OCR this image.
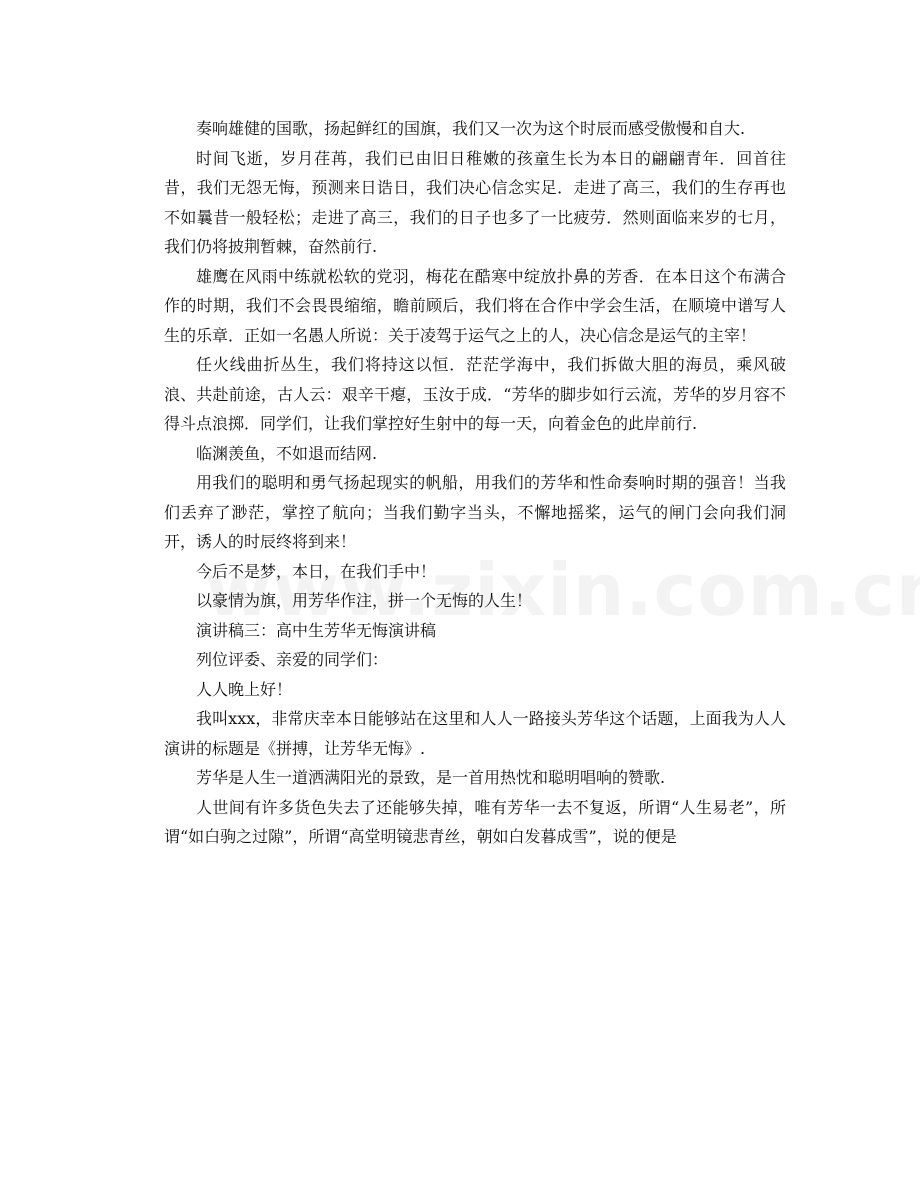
奏响雄健的国歌，扬起鲜红的国旗，我们又一次为这个时辰而感受傲慢和自大.

时间飞逝，岁月荏苒，我们已由旧日稚嫩的孩童生长为本日的翩翩青年．回首往昔，我们无怨无悔，预测来日诰日，我们决心信念实足．走进了高三，我们的生存再也不如曩昔一般轻松；走进了高三，我们的日子也多了一比疲劳．然则面临来岁的七月，我们仍将披荆暂棘，奋然前行.

雄鹰在风雨中练就松软的党羽，梅花在酷寒中绽放扑鼻的芳香．在本日这个布满合作的时期，我们不会畏畏缩缩，瞻前顾后，我们将在合作中学会生活，在顺境中谱写人生的乐章．正如一名愚人所说：关于凌驾于运气之上的人，决心信念是运气的主宰！

任火线曲折丛生，我们将持这以恒．茫茫学海中，我们拆做大胆的海员，乘风破浪、共赴前途，古人云：艰辛干瘪，玉汝于成．“芳华的脚步如行云流，芳华的岁月容不得斗点浪掷．同学们，让我们掌控好生射中的每一天，向着金色的此岸前行.

临渊羡鱼，不如退而结网.

用我们的聪明和勇气扬起现实的帆船，用我们的芳华和性命奏响时期的强音！当我们丢弃了渺茫，掌控了航向；当我们勤字当头，不懈地摇桨，运气的闸门会向我们洞开，诱人的时辰终将到来！

今后不是梦，本日，在我们手中！

以豪情为旗，用芳华作注，拼一个无悔的人生！

演讲稿三：高中生芳华无悔演讲稿

列位评委、亲爱的同学们：

人人晚上好！

我叫xxx，非常庆幸本日能够站在这里和人人一路接头芳华这个话题，上面我为人人演讲的标题是《拼搏，让芳华无悔》.

芳华是人生一道洒满阳光的景致，是一首用热忱和聪明唱响的赞歌.

人世间有许多货色失去了还能够失掉，唯有芳华一去不复返，所谓“人生易老”，所谓“如白驹之过隙”，所谓“高堂明镜悲青丝，朝如白发暮成雪”，说的便是
